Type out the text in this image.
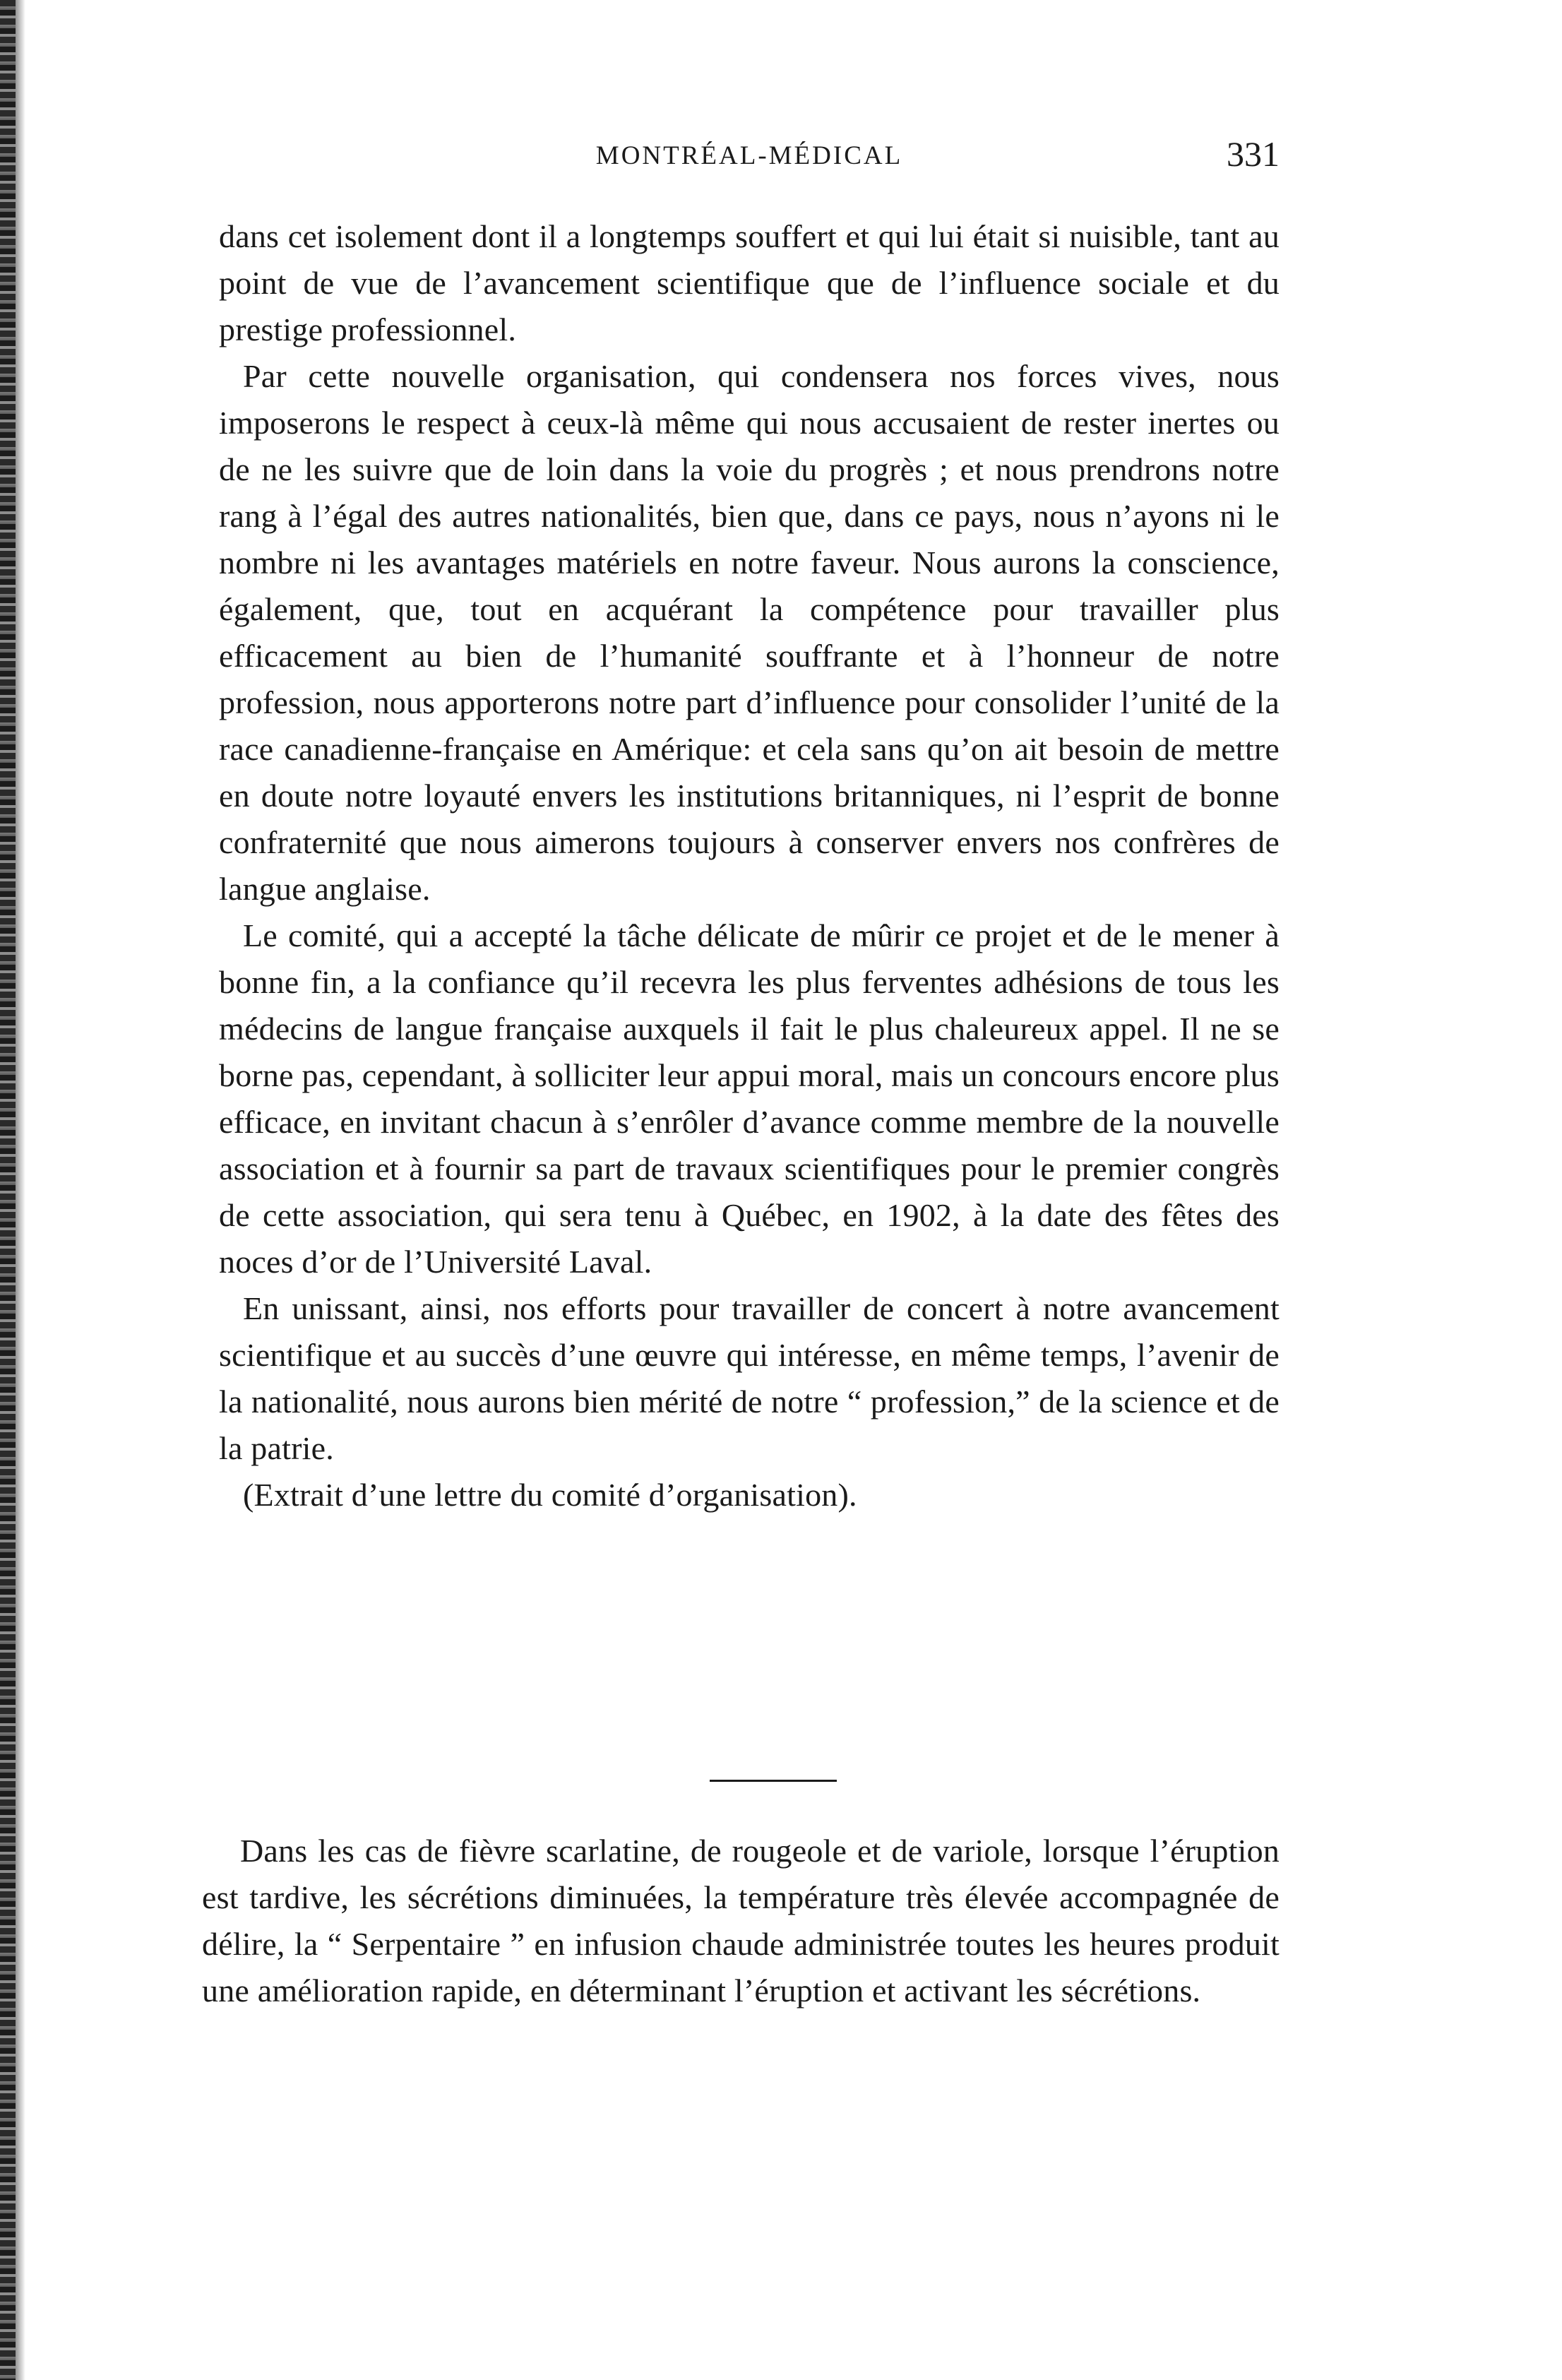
MONTRÉAL-MÉDICAL	331

dans cet isolement dont il a longtemps souffert et qui lui était si nuisible, tant au point de vue de l’avancement scientifique que de l’influence sociale et du prestige professionnel.

Par cette nouvelle organisation, qui condensera nos forces vives, nous imposerons le respect à ceux-là même qui nous accusaient de rester inertes ou de ne les suivre que de loin dans la voie du progrès ; et nous prendrons notre rang à l’égal des autres nationalités, bien que, dans ce pays, nous n’ayons ni le nombre ni les avantages matériels en notre faveur. Nous aurons la conscience, également, que, tout en acquérant la compétence pour travailler plus efficacement au bien de l’humanité souffrante et à l’honneur de notre profession, nous apporterons notre part d’influence pour consolider l’unité de la race canadienne-française en Amérique: et cela sans qu’on ait besoin de mettre en doute notre loyauté envers les institutions britanniques, ni l’esprit de bonne confraternité que nous aimerons toujours à conserver envers nos confrères de langue anglaise.

Le comité, qui a accepté la tâche délicate de mûrir ce projet et de le mener à bonne fin, a la confiance qu’il recevra les plus ferventes adhésions de tous les médecins de langue française auxquels il fait le plus chaleureux appel. Il ne se borne pas, cependant, à solliciter leur appui moral, mais un concours encore plus efficace, en invitant chacun à s’enrôler d’avance comme membre de la nouvelle association et à fournir sa part de travaux scientifiques pour le premier congrès de cette association, qui sera tenu à Québec, en 1902, à la date des fêtes des noces d’or de l’Université Laval.

En unissant, ainsi, nos efforts pour travailler de concert à notre avancement scientifique et au succès d’une œuvre qui intéresse, en même temps, l’avenir de la nationalité, nous aurons bien mérité de notre “ profession,” de la science et de la patrie.

(Extrait d’une lettre du comité d’organisation).

Dans les cas de fièvre scarlatine, de rougeole et de variole, lorsque l’éruption est tardive, les sécrétions diminuées, la température très élevée accompagnée de délire, la “ Serpentaire ” en infusion chaude administrée toutes les heures produit une amélioration rapide, en déterminant l’éruption et activant les sécrétions.
